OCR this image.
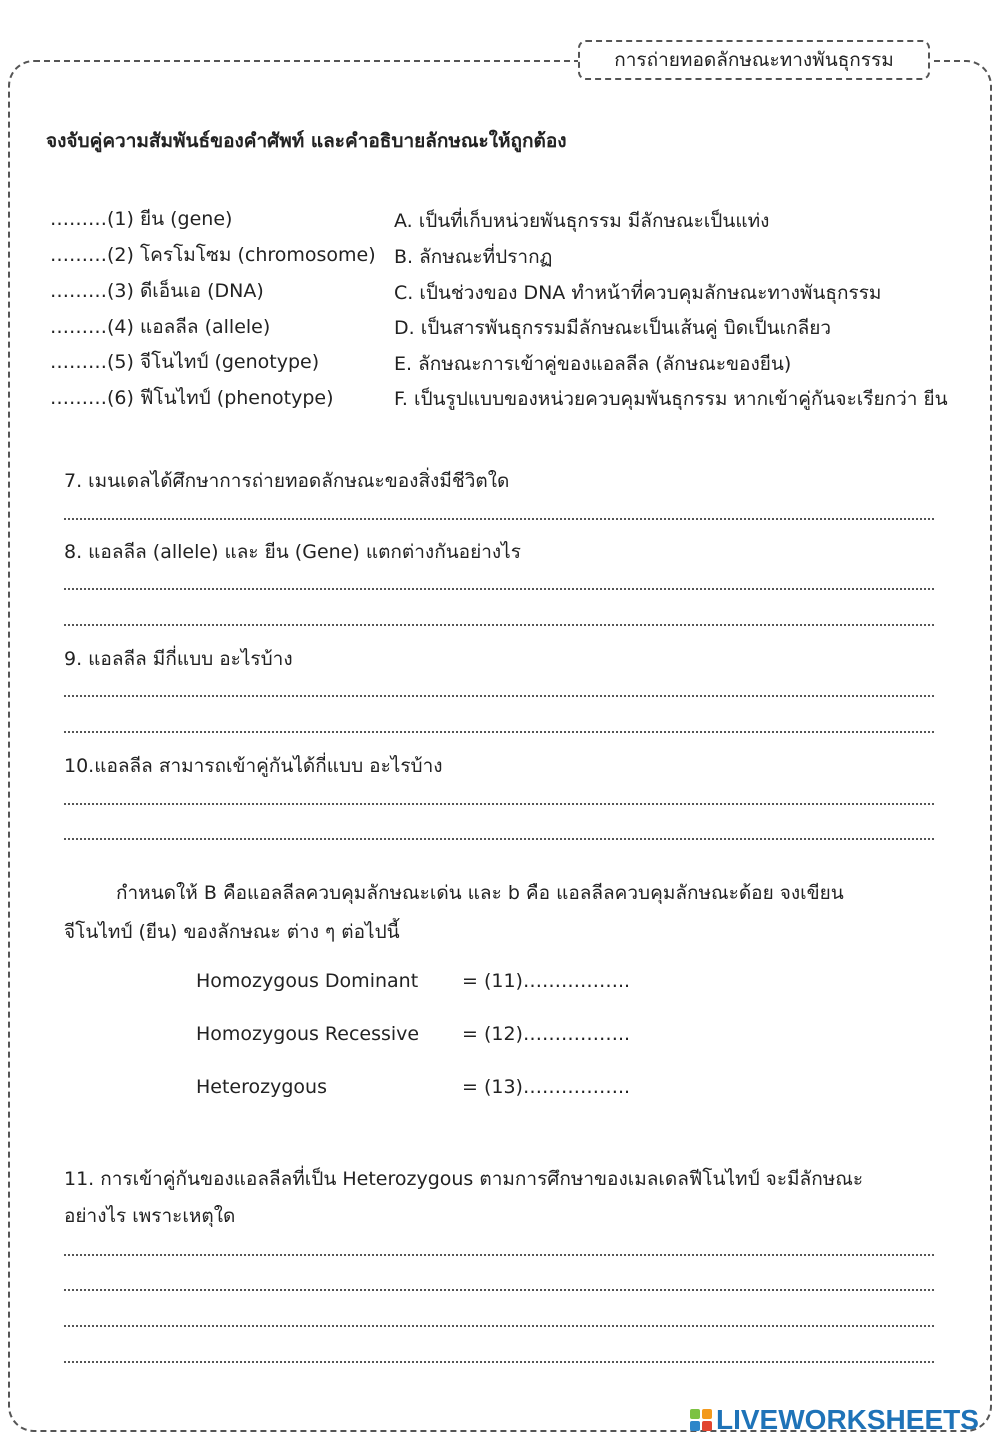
การถ่ายทอดลักษณะทางพันธุกรรม
จงจับคู่ความสัมพันธ์ของคำศัพท์ และคำอธิบายลักษณะให้ถูกต้อง
………(1) ยีน (gene)
………(2) โครโมโซม (chromosome)
………(3) ดีเอ็นเอ (DNA)
………(4) แอลลีล (allele)
………(5) จีโนไทป์ (genotype)
………(6) ฟีโนไทป์ (phenotype)
A. เป็นที่เก็บหน่วยพันธุกรรม มีลักษณะเป็นแท่ง
B. ลักษณะที่ปรากฏ
C. เป็นช่วงของ DNA ทำหน้าที่ควบคุมลักษณะทางพันธุกรรม
D. เป็นสารพันธุกรรมมีลักษณะเป็นเส้นคู่ บิดเป็นเกลียว
E. ลักษณะการเข้าคู่ของแอลลีล (ลักษณะของยีน)
F. เป็นรูปแบบของหน่วยควบคุมพันธุกรรม หากเข้าคู่กันจะเรียกว่า ยีน
7. เมนเดลได้ศึกษาการถ่ายทอดลักษณะของสิ่งมีชีวิตใด
8. แอลลีล (allele) และ ยีน (Gene) แตกต่างกันอย่างไร
9. แอลลีล มีกี่แบบ อะไรบ้าง
10.แอลลีล สามารถเข้าคู่กันได้กี่แบบ อะไรบ้าง
กำหนดให้ B คือแอลลีลควบคุมลักษณะเด่น และ b คือ แอลลีลควบคุมลักษณะด้อย จงเขียน
จีโนไทป์ (ยีน) ของลักษณะ ต่าง ๆ ต่อไปนี้
Homozygous Dominant = (11)……………..
Homozygous Recessive = (12)……………..
Heterozygous	= (13)……………..
11. การเข้าคู่กันของแอลลีลที่เป็น Heterozygous ตามการศึกษาของเมลเดลฟีโนไทป์ จะมีลักษณะ
อย่างไร เพราะเหตุใด
LIVEWORKSHEETS
